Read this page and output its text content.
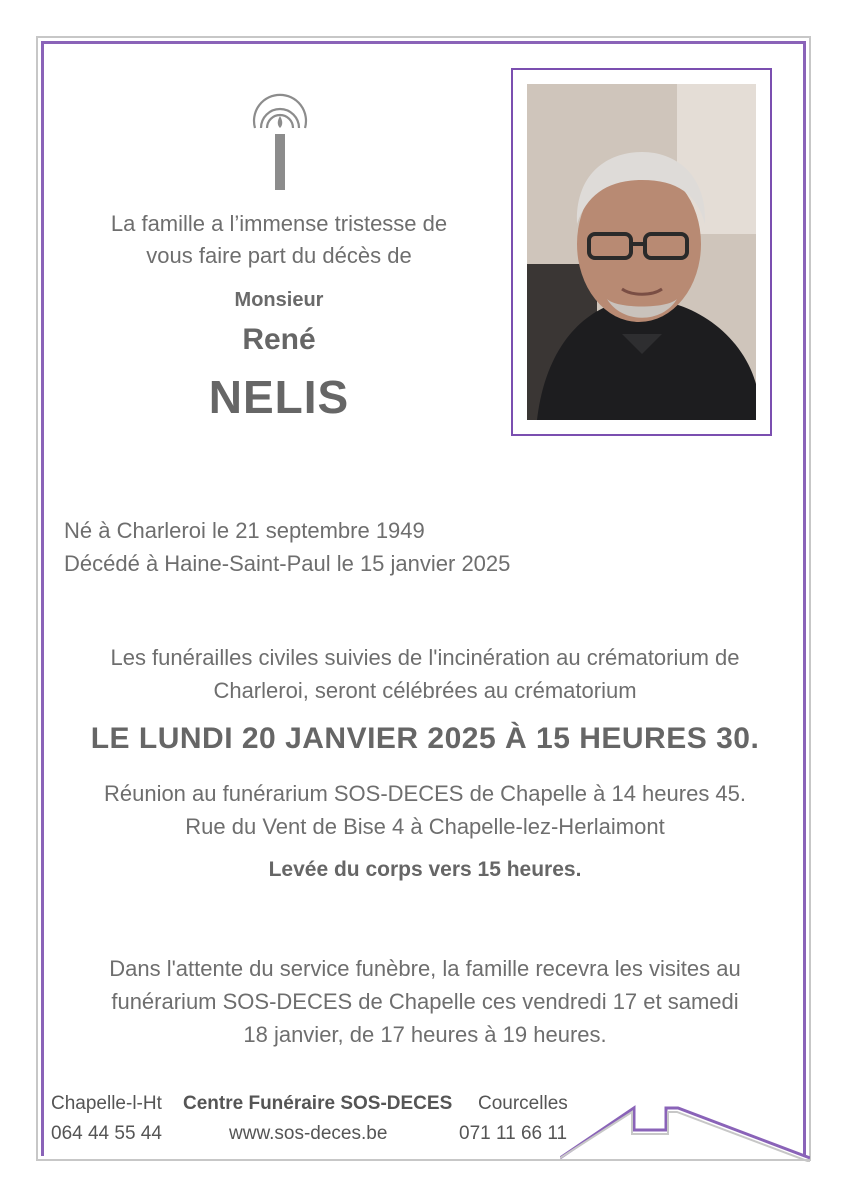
La famille a l’immense tristesse de
vous faire part du décès de
Monsieur
René
NELIS
Né à Charleroi le 21 septembre 1949
Décédé à Haine-Saint-Paul le 15 janvier 2025
Les funérailles civiles suivies de l'incinération au crématorium de
Charleroi, seront célébrées au crématorium
LE LUNDI 20 JANVIER 2025 À 15 HEURES 30.
Réunion au funérarium SOS-DECES de Chapelle à 14 heures 45.
Rue du Vent de Bise 4 à Chapelle-lez-Herlaimont
Levée du corps vers 15 heures.
Dans l'attente du service funèbre, la famille recevra les visites au
funérarium SOS-DECES de Chapelle ces vendredi 17 et samedi
18 janvier, de 17 heures à 19 heures.
Chapelle-l-Ht
064 44 55 44
Centre Funéraire SOS-DECES
www.sos-deces.be
Courcelles
071 11 66 11
